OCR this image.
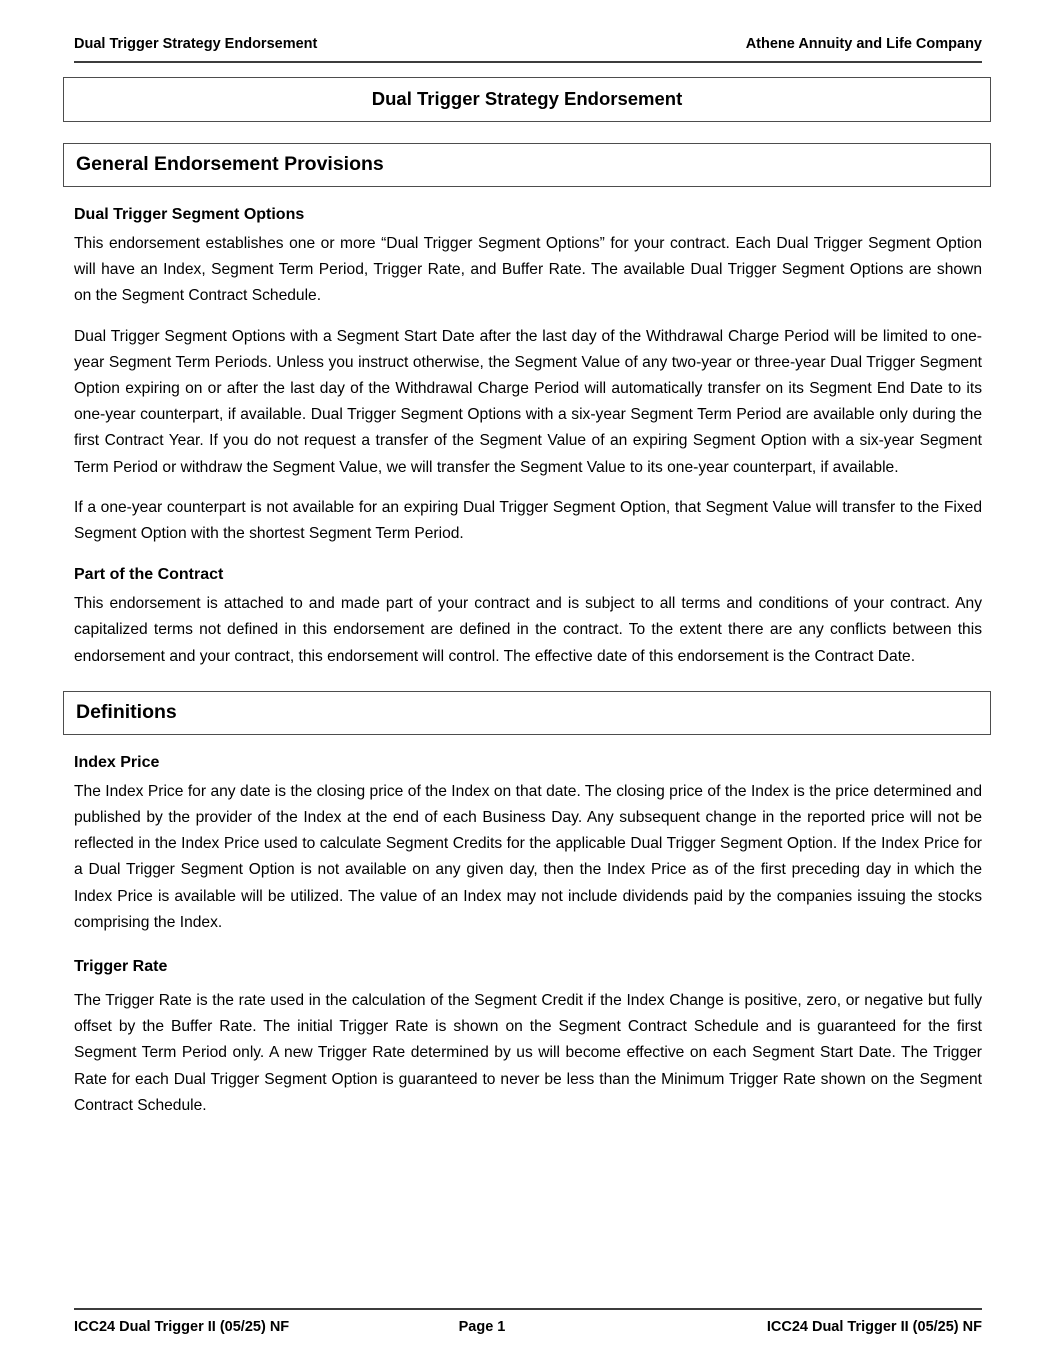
Dual Trigger Strategy Endorsement	Athene Annuity and Life Company
Dual Trigger Strategy Endorsement
General Endorsement Provisions
Dual Trigger Segment Options

This endorsement establishes one or more “Dual Trigger Segment Options” for your contract. Each Dual Trigger Segment Option will have an Index, Segment Term Period, Trigger Rate, and Buffer Rate. The available Dual Trigger Segment Options are shown on the Segment Contract Schedule.

Dual Trigger Segment Options with a Segment Start Date after the last day of the Withdrawal Charge Period will be limited to one-year Segment Term Periods. Unless you instruct otherwise, the Segment Value of any two-year or three-year Dual Trigger Segment Option expiring on or after the last day of the Withdrawal Charge Period will automatically transfer on its Segment End Date to its one-year counterpart, if available. Dual Trigger Segment Options with a six-year Segment Term Period are available only during the first Contract Year. If you do not request a transfer of the Segment Value of an expiring Segment Option with a six-year Segment Term Period or withdraw the Segment Value, we will transfer the Segment Value to its one-year counterpart, if available.

If a one-year counterpart is not available for an expiring Dual Trigger Segment Option, that Segment Value will transfer to the Fixed Segment Option with the shortest Segment Term Period.

Part of the Contract

This endorsement is attached to and made part of your contract and is subject to all terms and conditions of your contract. Any capitalized terms not defined in this endorsement are defined in the contract. To the extent there are any conflicts between this endorsement and your contract, this endorsement will control. The effective date of this endorsement is the Contract Date.

Definitions
Index Price

The Index Price for any date is the closing price of the Index on that date. The closing price of the Index is the price determined and published by the provider of the Index at the end of each Business Day. Any subsequent change in the reported price will not be reflected in the Index Price used to calculate Segment Credits for the applicable Dual Trigger Segment Option. If the Index Price for a Dual Trigger Segment Option is not available on any given day, then the Index Price as of the first preceding day in which the Index Price is available will be utilized. The value of an Index may not include dividends paid by the companies issuing the stocks comprising the Index.

Trigger Rate

The Trigger Rate is the rate used in the calculation of the Segment Credit if the Index Change is positive, zero, or negative but fully offset by the Buffer Rate. The initial Trigger Rate is shown on the Segment Contract Schedule and is guaranteed for the first Segment Term Period only. A new Trigger Rate determined by us will become effective on each Segment Start Date. The Trigger Rate for each Dual Trigger Segment Option is guaranteed to never be less than the Minimum Trigger Rate shown on the Segment Contract Schedule.

ICC24 Dual Trigger II (05/25) NF	Page 1	ICC24 Dual Trigger II (05/25) NF
